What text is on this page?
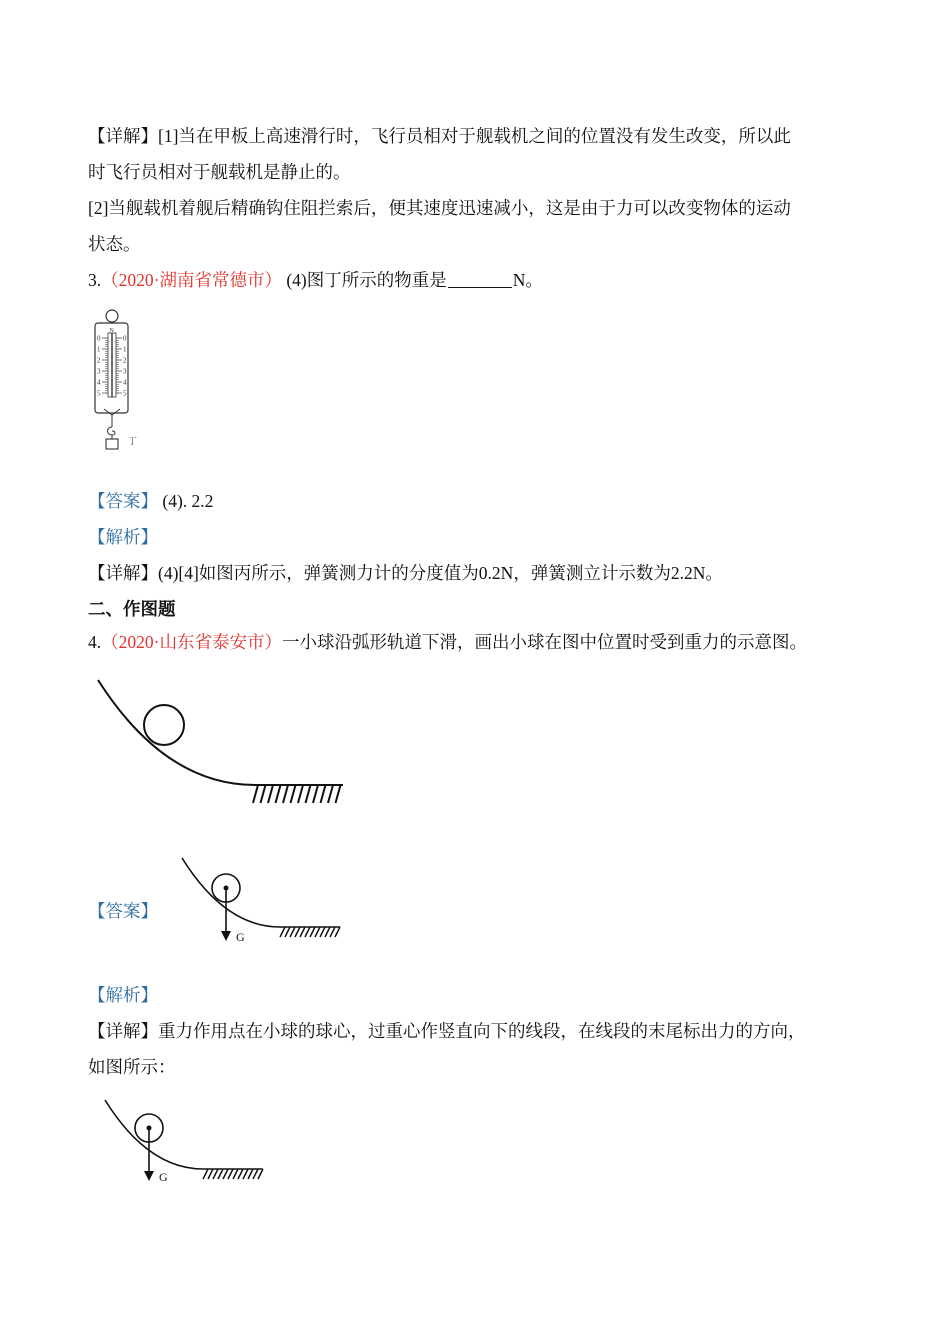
【详解】[1]当在甲板上高速滑行时，飞行员相对于舰载机之间的位置没有发生改变，所以此
时飞行员相对于舰载机是静止的。
[2]当舰载机着舰后精确钩住阻拦索后，便其速度迅速减小，这是由于力可以改变物体的运动
状态。
3.（2020·湖南省常德市） (4)图丁所示的物重是	N。
N
0
1
2
3
4
5
0
1
2
3
4
5
丁
【答案】 (4). 2.2
【解析】
【详解】(4)[4]如图丙所示，弹簧测力计的分度值为0.2N，弹簧测立计示数为2.2N。
二、作图题
4.（2020·山东省泰安市）一小球沿弧形轨道下滑，画出小球在图中位置时受到重力的示意图。
【答案】
G
【解析】
【详解】重力作用点在小球的球心，过重心作竖直向下的线段，在线段的末尾标出力的方向，
如图所示：
G
